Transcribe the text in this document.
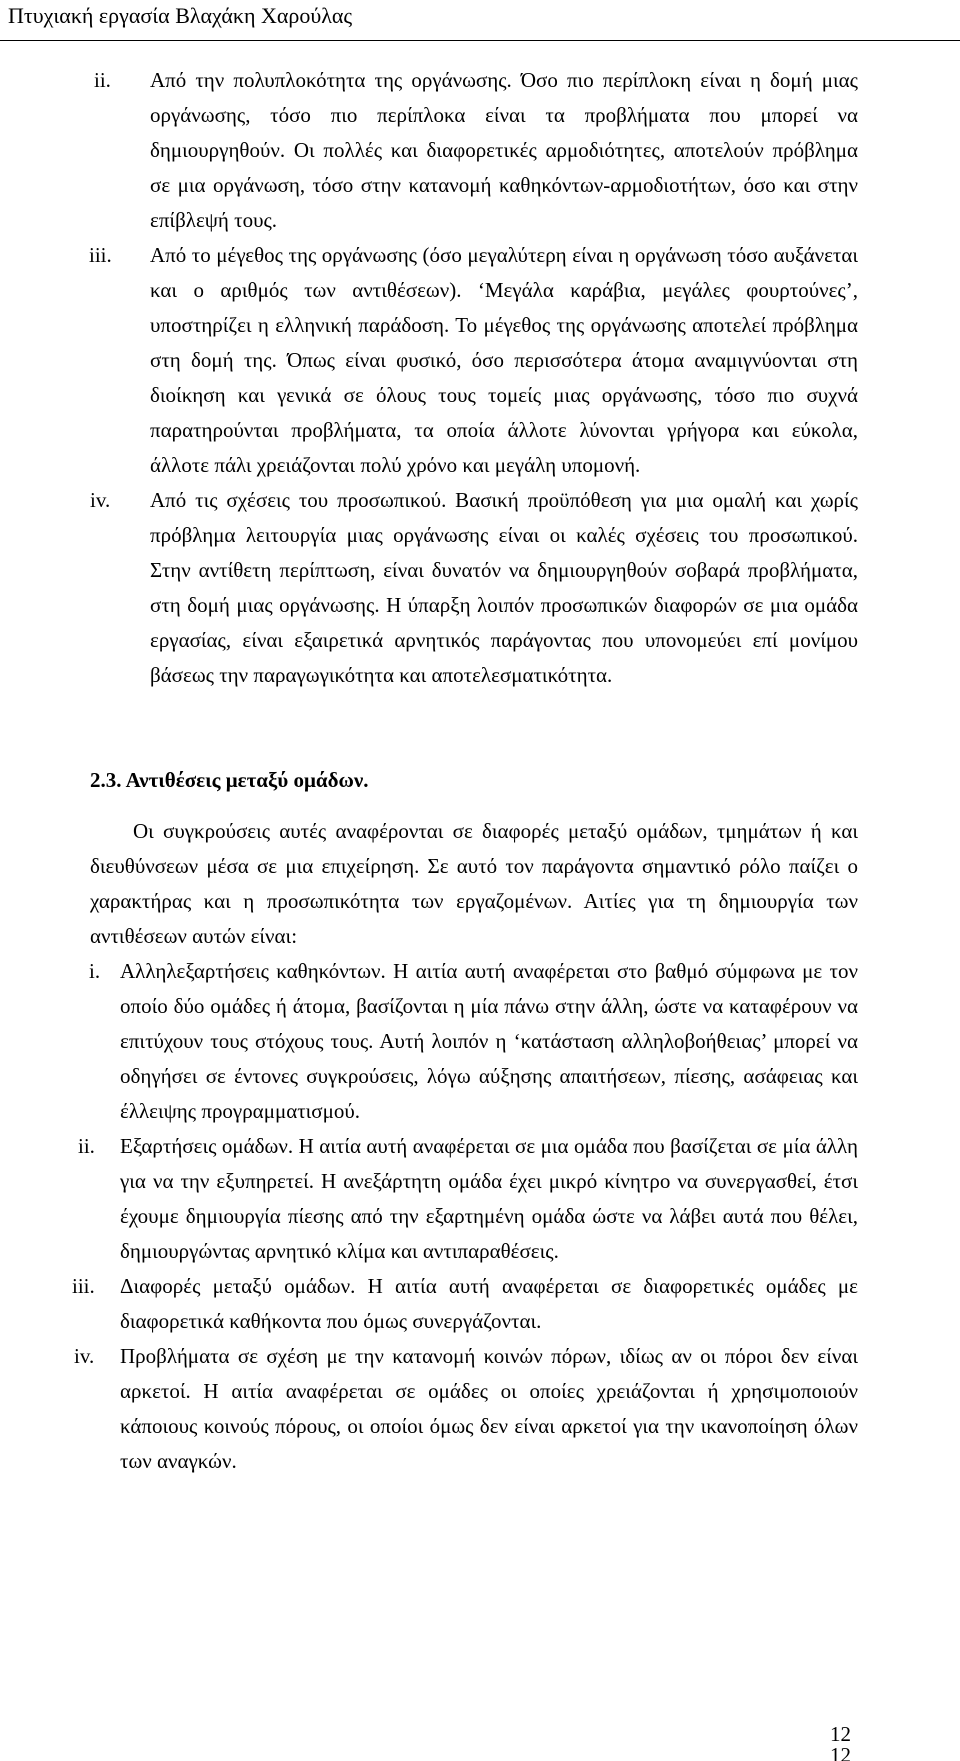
Πτυχιακή εργασία Βλαχάκη Χαρούλας
ii. Από την πολυπλοκότητα της οργάνωσης. Όσο πιο περίπλοκη είναι η δομή μιας οργάνωσης, τόσο πιο περίπλοκα είναι τα προβλήματα που μπορεί να δημιουργηθούν. Οι πολλές και διαφορετικές αρμοδιότητες, αποτελούν πρόβλημα σε μια οργάνωση, τόσο στην κατανομή καθηκόντων-αρμοδιοτήτων, όσο και στην επίβλεψή τους.
iii. Από το μέγεθος της οργάνωσης (όσο μεγαλύτερη είναι η οργάνωση τόσο αυξάνεται και ο αριθμός των αντιθέσεων). ‘Μεγάλα καράβια, μεγάλες φουρτούνες’, υποστηρίζει η ελληνική παράδοση. Το μέγεθος της οργάνωσης αποτελεί πρόβλημα στη δομή της. Όπως είναι φυσικό, όσο περισσότερα άτομα αναμιγνύονται στη διοίκηση και γενικά σε όλους τους τομείς μιας οργάνωσης, τόσο πιο συχνά παρατηρούνται προβλήματα, τα οποία άλλοτε λύνονται γρήγορα και εύκολα, άλλοτε πάλι χρειάζονται πολύ χρόνο και μεγάλη υπομονή.
iv. Από τις σχέσεις του προσωπικού. Βασική προϋπόθεση για μια ομαλή και χωρίς πρόβλημα λειτουργία μιας οργάνωσης είναι οι καλές σχέσεις του προσωπικού. Στην αντίθετη περίπτωση, είναι δυνατόν να δημιουργηθούν σοβαρά προβλήματα, στη δομή μιας οργάνωσης. Η ύπαρξη λοιπόν προσωπικών διαφορών σε μια ομάδα εργασίας, είναι εξαιρετικά αρνητικός παράγοντας που υπονομεύει επί μονίμου βάσεως την παραγωγικότητα και αποτελεσματικότητα.
2.3. Αντιθέσεις μεταξύ ομάδων.

Οι συγκρούσεις αυτές αναφέρονται σε διαφορές μεταξύ ομάδων, τμημάτων ή και διευθύνσεων μέσα σε μια επιχείρηση. Σε αυτό τον παράγοντα σημαντικό ρόλο παίζει ο χαρακτήρας και η προσωπικότητα των εργαζομένων. Αιτίες για τη δημιουργία των αντιθέσεων αυτών είναι:

i. Αλληλεξαρτήσεις καθηκόντων. Η αιτία αυτή αναφέρεται στο βαθμό σύμφωνα με τον οποίο δύο ομάδες ή άτομα, βασίζονται η μία πάνω στην άλλη, ώστε να καταφέρουν να επιτύχουν τους στόχους τους. Αυτή λοιπόν η ‘κατάσταση αλληλοβοήθειας’ μπορεί να οδηγήσει σε έντονες συγκρούσεις, λόγω αύξησης απαιτήσεων, πίεσης, ασάφειας και έλλειψης προγραμματισμού.
ii. Εξαρτήσεις ομάδων. Η αιτία αυτή αναφέρεται σε μια ομάδα που βασίζεται σε μία άλλη για να την εξυπηρετεί. Η ανεξάρτητη ομάδα έχει μικρό κίνητρο να συνεργασθεί, έτσι έχουμε δημιουργία πίεσης από την εξαρτημένη ομάδα ώστε να λάβει αυτά που θέλει, δημιουργώντας αρνητικό κλίμα και αντιπαραθέσεις.
iii. Διαφορές μεταξύ ομάδων. Η αιτία αυτή αναφέρεται σε διαφορετικές ομάδες με διαφορετικά καθήκοντα που όμως συνεργάζονται.
iv. Προβλήματα σε σχέση με την κατανομή κοινών πόρων, ιδίως αν οι πόροι δεν είναι αρκετοί. Η αιτία αναφέρεται σε ομάδες οι οποίες χρειάζονται ή χρησιμοποιούν κάποιους κοινούς πόρους, οι οποίοι όμως δεν είναι αρκετοί για την ικανοποίηση όλων των αναγκών.
12
12
